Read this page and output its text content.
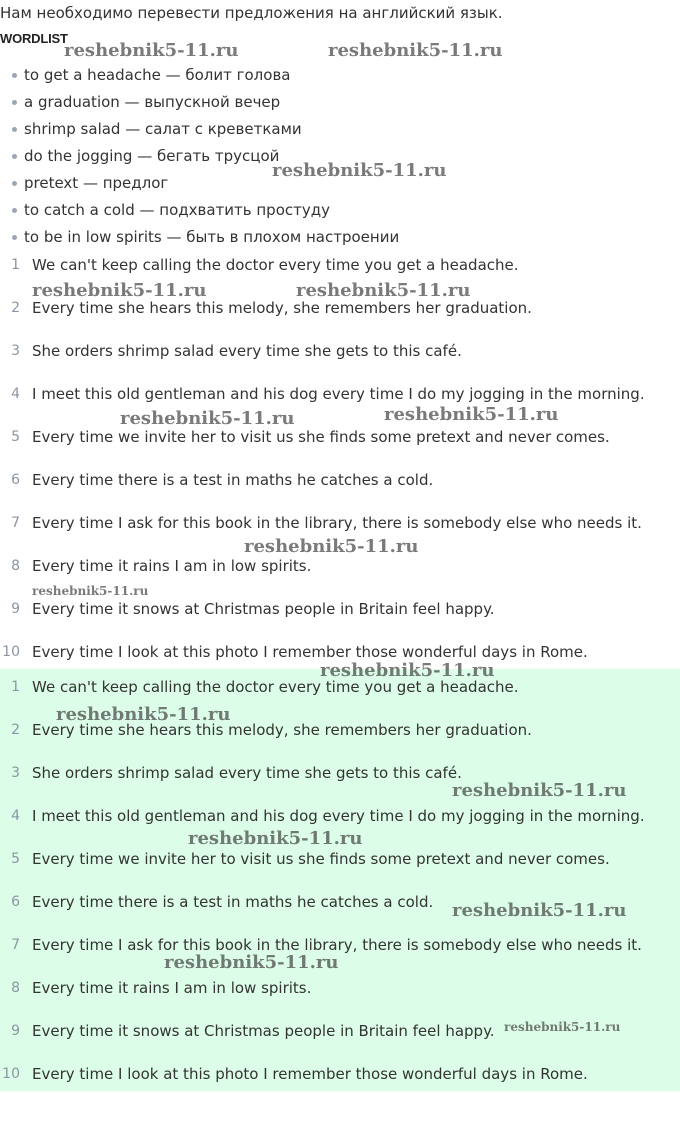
Нам необходимо перевести предложения на английский язык.
WORDLIST
to get a headache — болит голова
a graduation — выпускной вечер
shrimp salad — салат с креветками
do the jogging — бегать трусцой
pretext — предлог
to catch a cold — подхватить простуду
to be in low spirits — быть в плохом настроении
1. 1 We can't keep calling the doctor every time you get a headache.
2. 2 Every time she hears this melody, she remembers her graduation.
3. 3 She orders shrimp salad every time she gets to this café.
4. 4 I meet this old gentleman and his dog every time I do my jogging in the morning.
5. 5 Every time we invite her to visit us she finds some pretext and never comes.
6. 6 Every time there is a test in maths he catches a cold.
7. 7 Every time I ask for this book in the library, there is somebody else who needs it.
8. 8 Every time it rains I am in low spirits.
9. 9 Every time it snows at Christmas people in Britain feel happy.
10. 10 Every time I look at this photo I remember those wonderful days in Rome.
1. 1 We can't keep calling the doctor every time you get a headache.
2. 2 Every time she hears this melody, she remembers her graduation.
3. 3 She orders shrimp salad every time she gets to this café.
4. 4 I meet this old gentleman and his dog every time I do my jogging in the morning.
5. 5 Every time we invite her to visit us she finds some pretext and never comes.
6. 6 Every time there is a test in maths he catches a cold.
7. 7 Every time I ask for this book in the library, there is somebody else who needs it.
8. 8 Every time it rains I am in low spirits.
9. 9 Every time it snows at Christmas people in Britain feel happy.
10. 10 Every time I look at this photo I remember those wonderful days in Rome.
reshebnik5-11.ru	reshebnik5-11.ru
reshebnik5-11.ru
reshebnik5-11.ru	reshebnik5-11.ru
reshebnik5-11.ru	reshebnik5-11.ru
reshebnik5-11.ru
reshebnik5-11.ru
reshebnik5-11.ru
reshebnik5-11.ru
reshebnik5-11.ru
reshebnik5-11.ru
reshebnik5-11.ru
reshebnik5-11.ru
reshebnik5-11.ru
